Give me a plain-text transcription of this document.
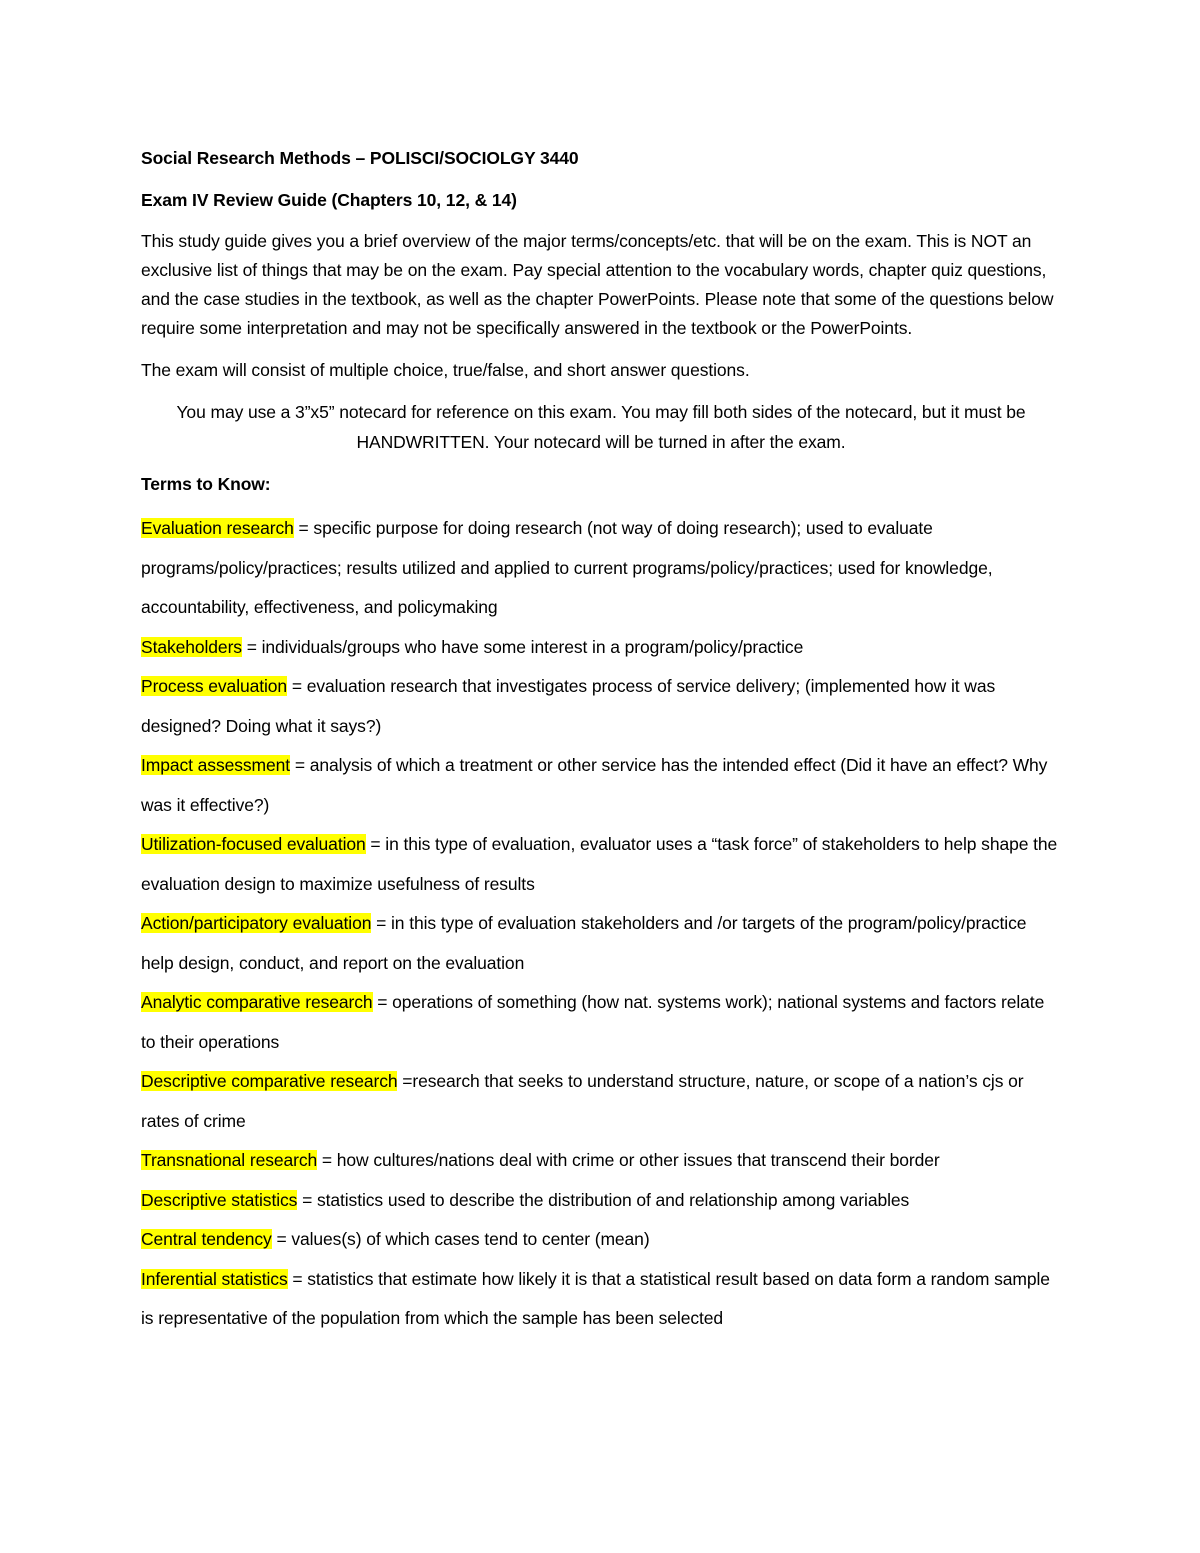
Social Research Methods – POLISCI/SOCIOLGY 3440

Exam IV Review Guide (Chapters 10, 12, & 14)

This study guide gives you a brief overview of the major terms/concepts/etc. that will be on the exam. This is NOT an exclusive list of things that may be on the exam. Pay special attention to the vocabulary words, chapter quiz questions, and the case studies in the textbook, as well as the chapter PowerPoints. Please note that some of the questions below require some interpretation and may not be specifically answered in the textbook or the PowerPoints.

The exam will consist of multiple choice, true/false, and short answer questions.

You may use a 3”x5” notecard for reference on this exam. You may fill both sides of the notecard, but it must be HANDWRITTEN. Your notecard will be turned in after the exam.

Terms to Know:

Evaluation research = specific purpose for doing research (not way of doing research); used to evaluate programs/policy/practices; results utilized and applied to current programs/policy/practices; used for knowledge, accountability, effectiveness, and policymaking

Stakeholders = individuals/groups who have some interest in a program/policy/practice

Process evaluation = evaluation research that investigates process of service delivery; (implemented how it was designed? Doing what it says?)

Impact assessment = analysis of which a treatment or other service has the intended effect (Did it have an effect? Why was it effective?)

Utilization-focused evaluation = in this type of evaluation, evaluator uses a “task force” of stakeholders to help shape the evaluation design to maximize usefulness of results

Action/participatory evaluation = in this type of evaluation stakeholders and /or targets of the program/policy/practice help design, conduct, and report on the evaluation

Analytic comparative research = operations of something (how nat. systems work); national systems and factors relate to their operations

Descriptive comparative research =research that seeks to understand structure, nature, or scope of a nation’s cjs or rates of crime

Transnational research = how cultures/nations deal with crime or other issues that transcend their border

Descriptive statistics = statistics used to describe the distribution of and relationship among variables

Central tendency = values(s) of which cases tend to center (mean)

Inferential statistics = statistics that estimate how likely it is that a statistical result based on data form a random sample is representative of the population from which the sample has been selected
